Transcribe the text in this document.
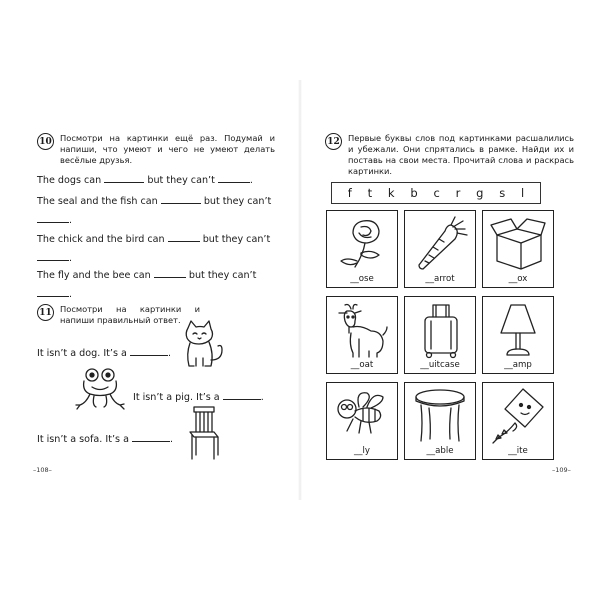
10 Посмотри на картинки ещё раз. Подумай и напиши, что умеют и чего не умеют делать весёлые друзья.
The dogs can	but they can’t	.
The seal and the fish can	but they can’t
.
The chick and the bird can	but they can’t
.
The fly and the bee can	but they can’t
.
11 Посмотри на картинки и напиши правильный ответ.
It isn’t a dog. It’s a	.
It isn’t a pig. It’s a	.
It isn’t a sofa. It’s a	.
–108–
12 Первые буквы слов под картинками расшалились и убежали. Они спрятались в рамке. Найди их и поставь на свои места. Прочитай слова и раскрась картинки.
–109–
f t k b c r g s l
__ose	__arrot	__ox
__oat	__uitcase	__amp
__ly	__able	__ite
